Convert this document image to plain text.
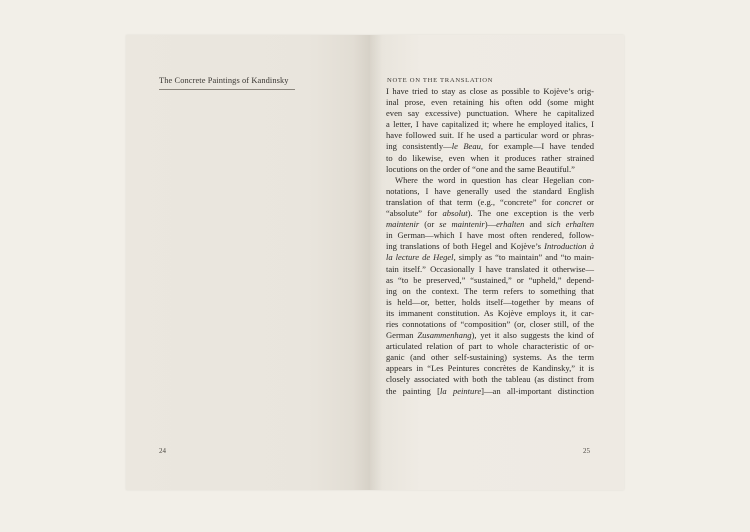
The Concrete Paintings of Kandinsky
24
NOTE ON THE TRANSLATION
I have tried to stay as close as possible to Kojève’s orig-
inal prose, even retaining his often odd (some might
even say excessive) punctuation. Where he capitalized
a letter, I have capitalized it; where he employed italics, I
have followed suit. If he used a particular word or phras-
ing consistently—le Beau, for example—I have tended
to do likewise, even when it produces rather strained
locutions on the order of “one and the same Beautiful.”
Where the word in question has clear Hegelian con-
notations, I have generally used the standard English
translation of that term (e.g., “concrete” for concret or
“absolute” for absolut). The one exception is the verb
maintenir (or se maintenir)—erhalten and sich erhalten
in German—which I have most often rendered, follow-
ing translations of both Hegel and Kojève’s Introduction à
la lecture de Hegel, simply as “to maintain” and “to main-
tain itself.” Occasionally I have translated it otherwise—
as “to be preserved,” “sustained,” or “upheld,” depend-
ing on the context. The term refers to something that
is held—or, better, holds itself—together by means of
its immanent constitution. As Kojève employs it, it car-
ries connotations of “composition” (or, closer still, of the
German Zusammenhang), yet it also suggests the kind of
articulated relation of part to whole characteristic of or-
ganic (and other self-sustaining) systems. As the term
appears in “Les Peintures concrètes de Kandinsky,” it is
closely associated with both the tableau (as distinct from
the painting [la peinture]—an all-important distinction
25
